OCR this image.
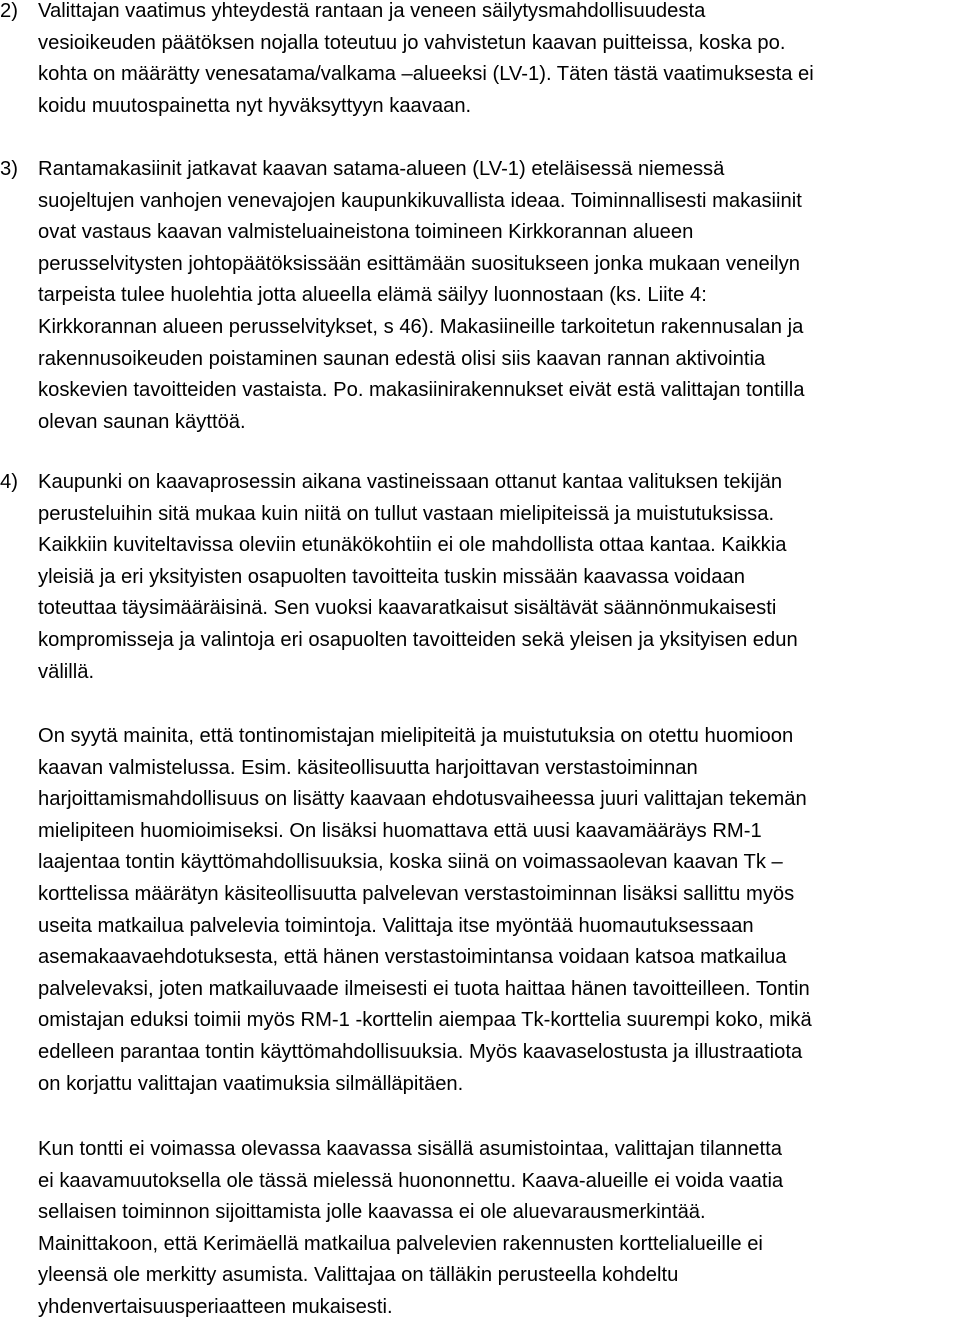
2) Valittajan vaatimus yhteydestä rantaan ja veneen säilytysmahdollisuudesta
vesioikeuden päätöksen nojalla toteutuu jo vahvistetun kaavan puitteissa, koska po.
kohta on määrätty venesatama/valkama –alueeksi (LV-1). Täten tästä vaatimuksesta ei
koidu muutospainetta nyt hyväksyttyyn kaavaan.
3) Rantamakasiinit jatkavat kaavan satama-alueen (LV-1) eteläisessä niemessä
suojeltujen vanhojen venevajojen kaupunkikuvallista ideaa. Toiminnallisesti makasiinit
ovat vastaus kaavan valmisteluaineistona toimineen Kirkkorannan alueen
perusselvitysten johtopäätöksissään esittämään suositukseen jonka mukaan veneilyn
tarpeista tulee huolehtia jotta alueella elämä säilyy luonnostaan (ks. Liite 4:
Kirkkorannan alueen perusselvitykset, s 46). Makasiineille tarkoitetun rakennusalan ja
rakennusoikeuden poistaminen saunan edestä olisi siis kaavan rannan aktivointia
koskevien tavoitteiden vastaista. Po. makasiinirakennukset eivät estä valittajan tontilla
olevan saunan käyttöä.
4) Kaupunki on kaavaprosessin aikana vastineissaan ottanut kantaa valituksen tekijän
perusteluihin sitä mukaa kuin niitä on tullut vastaan mielipiteissä ja muistutuksissa.
Kaikkiin kuviteltavissa oleviin etunäkökohtiin ei ole mahdollista ottaa kantaa. Kaikkia
yleisiä ja eri yksityisten osapuolten tavoitteita tuskin missään kaavassa voidaan
toteuttaa täysimääräisinä. Sen vuoksi kaavaratkaisut sisältävät säännönmukaisesti
kompromisseja ja valintoja eri osapuolten tavoitteiden sekä yleisen ja yksityisen edun
välillä.
On syytä mainita, että tontinomistajan mielipiteitä ja muistutuksia on otettu huomioon
kaavan valmistelussa. Esim. käsiteollisuutta harjoittavan verstastoiminnan
harjoittamismahdollisuus on lisätty kaavaan ehdotusvaiheessa juuri valittajan tekemän
mielipiteen huomioimiseksi. On lisäksi huomattava että uusi kaavamääräys RM-1
laajentaa tontin käyttömahdollisuuksia, koska siinä on voimassaolevan kaavan Tk –
korttelissa määrätyn käsiteollisuutta palvelevan verstastoiminnan lisäksi sallittu myös
useita matkailua palvelevia toimintoja. Valittaja itse myöntää huomautuksessaan
asemakaavaehdotuksesta, että hänen verstastoimintansa voidaan katsoa matkailua
palvelevaksi, joten matkailuvaade ilmeisesti ei tuota haittaa hänen tavoitteilleen. Tontin
omistajan eduksi toimii myös RM-1 -korttelin aiempaa Tk-korttelia suurempi koko, mikä
edelleen parantaa tontin käyttömahdollisuuksia. Myös kaavaselostusta ja illustraatiota
on korjattu valittajan vaatimuksia silmälläpitäen.
Kun tontti ei voimassa olevassa kaavassa sisällä asumistointaa, valittajan tilannetta
ei kaavamuutoksella ole tässä mielessä huononnettu. Kaava-alueille ei voida vaatia
sellaisen toiminnon sijoittamista jolle kaavassa ei ole aluevarausmerkintää.
Mainittakoon, että Kerimäellä matkailua palvelevien rakennusten korttelialueille ei
yleensä ole merkitty asumista. Valittajaa on tälläkin perusteella kohdeltu
yhdenvertaisuusperiaatteen mukaisesti.
